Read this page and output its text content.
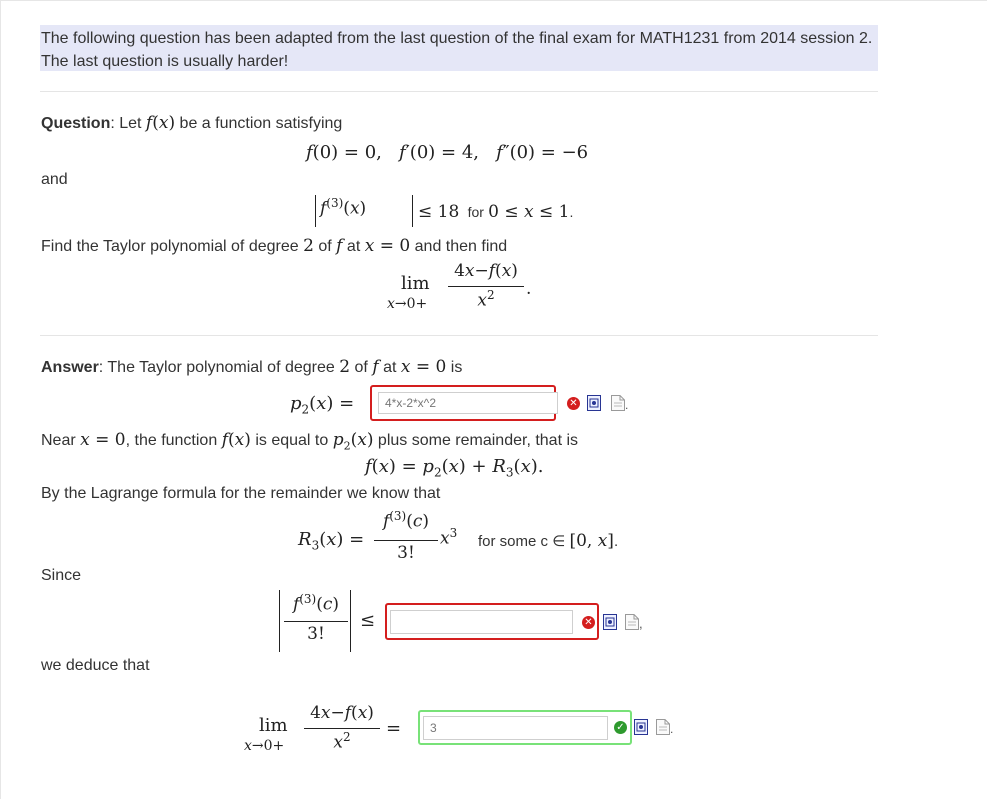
The following question has been adapted from the last question of the final exam for MATH1231 from 2014 session 2.
The last question is usually harder!
Question: Let f(x) be a function satisfying
f(0) = 0,   f′(0) = 4,   f″(0) = −6
and
$f^{(3)}(x)$	≤ 18 for 0 ≤ x ≤ 1.
Find the Taylor polynomial of degree 2 of f at x = 0 and then find
lim
x→0+
4x−f(x)
$x^2$	.
Answer: The Taylor polynomial of degree 2 of f at x = 0 is
$p_2(x)$ =
4*x-2*x^2	✕	.
Near x = 0, the function f(x) is equal to $p_2(x)$ plus some remainder, that is
$f(x) = p_2(x) + R_3(x)$.
By the Lagrange formula for the remainder we know that
$R_3(x)$ =
$f^{(3)}(c)$
3!
$x^3$ for some c ∈ [0, x].
Since
$f^{(3)}(c)$
3!
≤	✕	,
we deduce that
lim
x→0+
4x−f(x)
$x^2$	=
3	✓	.
